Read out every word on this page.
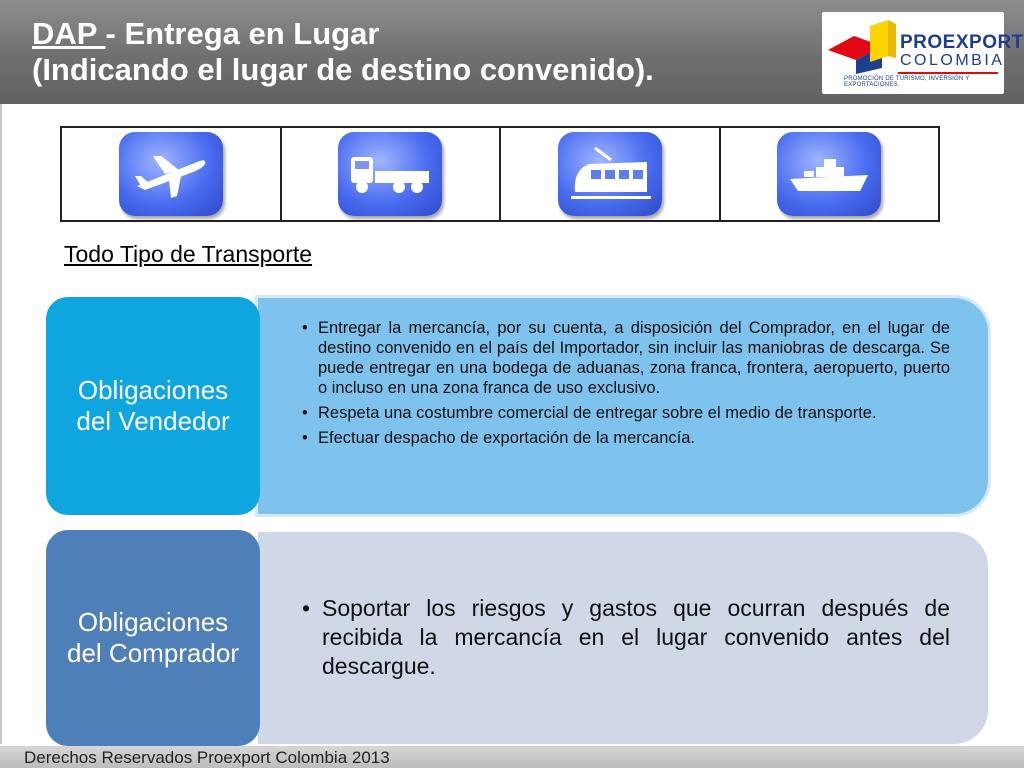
DAP - Entrega en Lugar
(Indicando el lugar de destino convenido).
PROEXPORT
COLOMBIA
PROMOCIÓN DE TURISMO, INVERSIÓN Y EXPORTACIONES.
Todo Tipo de Transporte
• Entregar la mercancía, por su cuenta, a disposición del Comprador, en el lugar de destino convenido en el país del Importador, sin incluir las maniobras de descarga. Se puede entregar en una bodega de aduanas, zona franca, frontera, aeropuerto, puerto o incluso en una zona franca de uso exclusivo.
• Respeta una costumbre comercial de entregar sobre el medio de transporte.
• Efectuar despacho de exportación de la mercancía.
Obligaciones del Vendedor
• Soportar los riesgos y gastos que ocurran después de recibida la mercancía en el lugar convenido antes del descargue.
Obligaciones del Comprador
Derechos Reservados Proexport Colombia 2013
